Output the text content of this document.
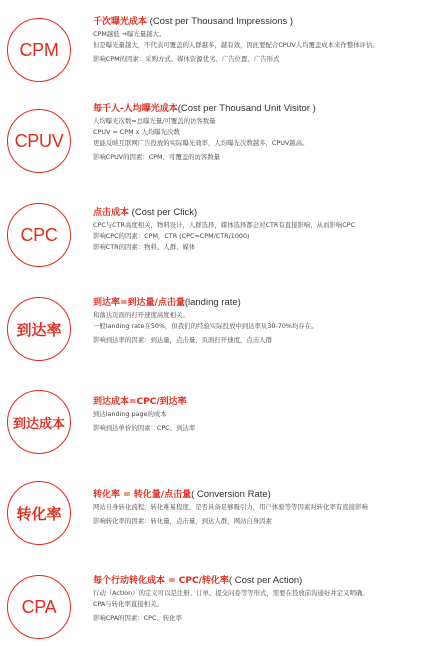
CPM
千次曝光成本 (Cost per Thousand Impressions )
CPM越低 →曝光量越大。
但是曝光量越大，不代表可覆盖的人群越多，越有效，因此要配合CPUV人均覆盖成本来作整体评估。
影响CPM的因素：采购方式、媒体资源优劣、广告位置、广告形式
CPUV
每千人-人均曝光成本(Cost per Thousand Unit Visitor )
人均曝光次数=总曝光量/可覆盖的访客数量
CPUV = CPM x 人均曝光次数
更能反映互联网广告投放的实际曝光效率，人均曝光次数越多，CPUV越高。
影响CPUV的因素：CPM、可覆盖的访客数量
CPC
点击成本 (Cost per Click)
CPC与CTR高度相关，物料设计，人群选择，媒体选择都会对CTR有直接影响，从而影响CPC
影响CPC的因素：CPM，CTR (CPC=CPM/CTR/1000)
影响CTR的因素：物料、人群、媒体
到达率
到达率=到达量/点击量(landing rate)
和落达页面的打开速度高度相关。
一般landing rate在50%，但我们的经验实际投放中到达率从30-70%均存在。
影响到达率的因素：到达量，点击量，页面打开速度，点击人群
到达成本
到达成本=CPC/到达率
到达landing page的成本
影响到达单价的因素：CPC、到达率
转化率
转化率 = 转化量/点击量( Conversion Rate)
网站自身转化流程、转化难易程度，是否具备足够吸引力，用户体验等等因素对转化率有直接影响
影响转化率的因素：转化量，点击量，到达人群，网站自身因素
CPA
每个行动转化成本 = CPC/转化率( Cost per Action)
行动（Action）的定义可以是注册、订单、提交问卷等等形式，需要在投放前沟通好并定义明确。
CPA与转化率直接相关。
影响CPA的因素：CPC、转化率
